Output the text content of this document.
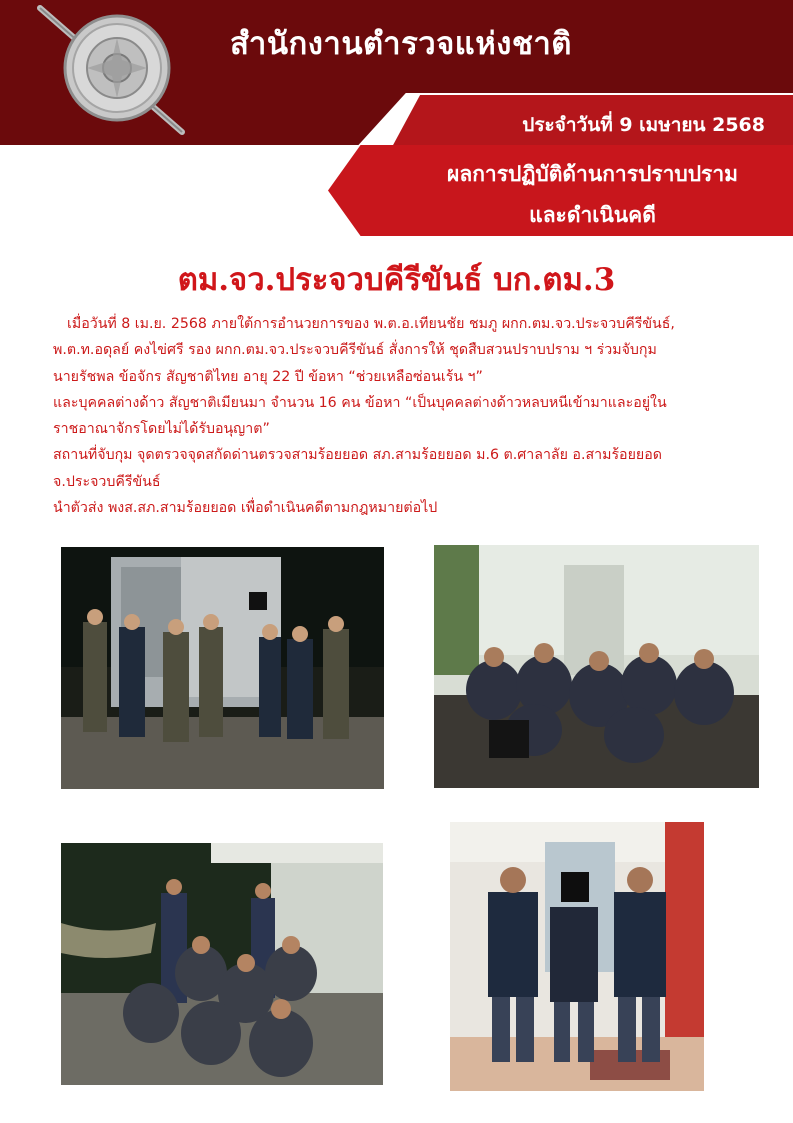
สำนักงานตำรวจแห่งชาติ
ประจำวันที่ 9 เมษายน 2568
ผลการปฏิบัติด้านการปราบปราม
และดำเนินคดี
ตม.จว.ประจวบคีรีขันธ์ บก.ตม.3

เมื่อวันที่ 8 เม.ย. 2568 ภายใต้การอำนวยการของ พ.ต.อ.เทียนชัย ชมภู ผกก.ตม.จว.ประจวบคีรีขันธ์,

พ.ต.ท.อดุลย์ คงไข่ศรี รอง ผกก.ตม.จว.ประจวบคีรีขันธ์ สั่งการให้ ชุดสืบสวนปราบปราม ฯ ร่วมจับกุม

นายรัชพล ข้อจักร สัญชาติไทย อายุ 22 ปี ข้อหา “ช่วยเหลือซ่อนเร้น ฯ”

และบุคคลต่างด้าว สัญชาติเมียนมา จำนวน 16 คน ข้อหา “เป็นบุคคลต่างด้าวหลบหนีเข้ามาและอยู่ใน

ราชอาณาจักรโดยไม่ได้รับอนุญาต”

สถานที่จับกุม จุดตรวจจุดสกัดด่านตรวจสามร้อยยอด สภ.สามร้อยยอด ม.6 ต.ศาลาลัย อ.สามร้อยยอด

จ.ประจวบคีรีขันธ์

นำตัวส่ง พงส.สภ.สามร้อยยอด เพื่อดำเนินคดีตามกฎหมายต่อไป
